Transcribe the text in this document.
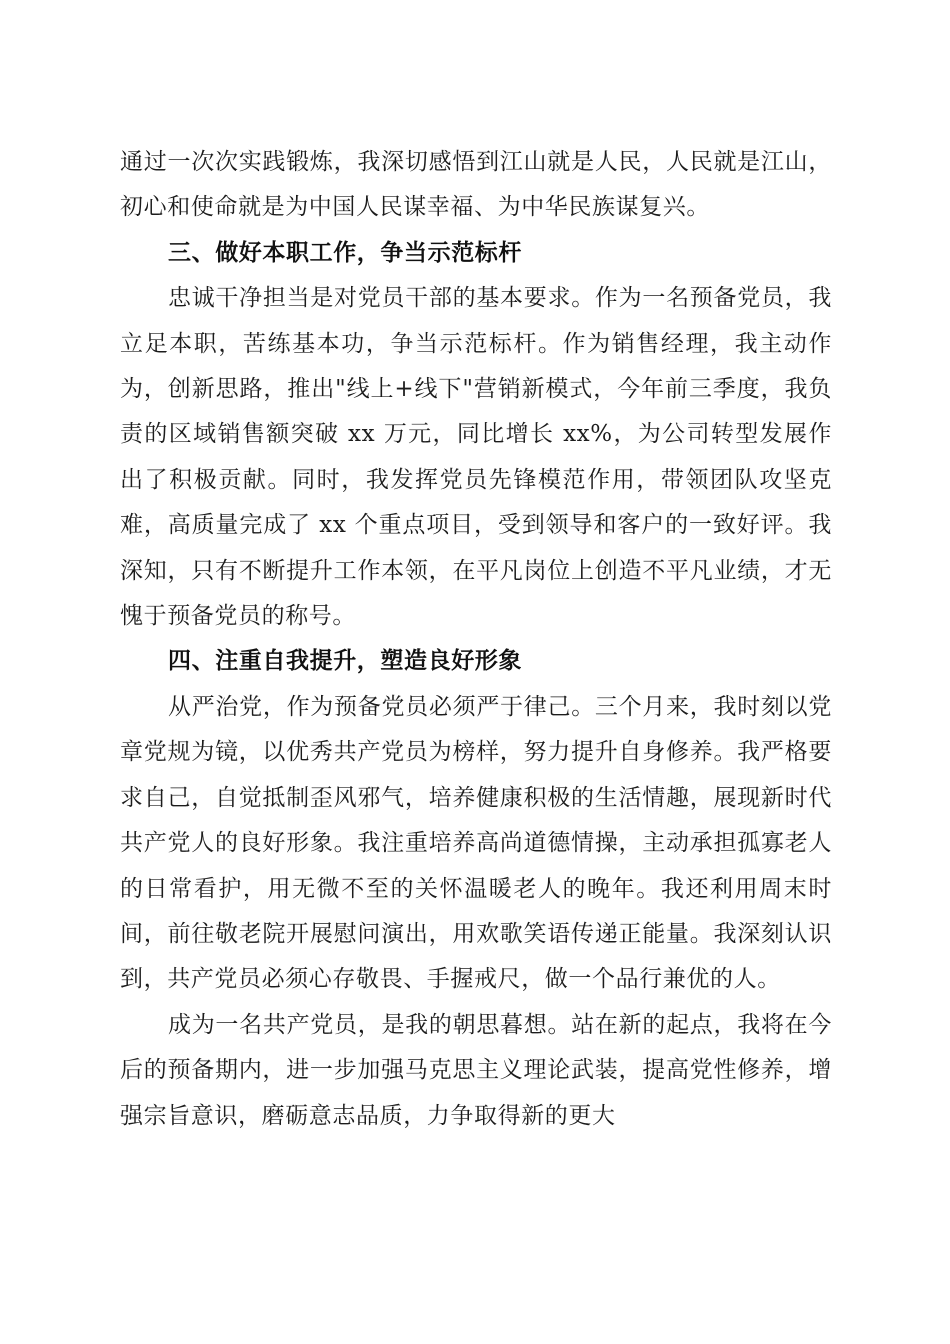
通过一次次实践锻炼，我深切感悟到江山就是人民，人民就是江山，初心和使命就是为中国人民谋幸福、为中华民族谋复兴。

三、做好本职工作，争当示范标杆

忠诚干净担当是对党员干部的基本要求。作为一名预备党员，我立足本职，苦练基本功，争当示范标杆。作为销售经理，我主动作为，创新思路，推出"线上+线下"营销新模式，今年前三季度，我负责的区域销售额突破 xx 万元，同比增长 xx%，为公司转型发展作出了积极贡献。同时，我发挥党员先锋模范作用，带领团队攻坚克难，高质量完成了 xx 个重点项目，受到领导和客户的一致好评。我深知，只有不断提升工作本领，在平凡岗位上创造不平凡业绩，才无愧于预备党员的称号。

四、注重自我提升，塑造良好形象

从严治党，作为预备党员必须严于律己。三个月来，我时刻以党章党规为镜，以优秀共产党员为榜样，努力提升自身修养。我严格要求自己，自觉抵制歪风邪气，培养健康积极的生活情趣，展现新时代共产党人的良好形象。我注重培养高尚道德情操，主动承担孤寡老人的日常看护，用无微不至的关怀温暖老人的晚年。我还利用周末时间，前往敬老院开展慰问演出，用欢歌笑语传递正能量。我深刻认识到，共产党员必须心存敬畏、手握戒尺，做一个品行兼优的人。

成为一名共产党员，是我的朝思暮想。站在新的起点，我将在今后的预备期内，进一步加强马克思主义理论武装，提高党性修养，增强宗旨意识，磨砺意志品质，力争取得新的更大
